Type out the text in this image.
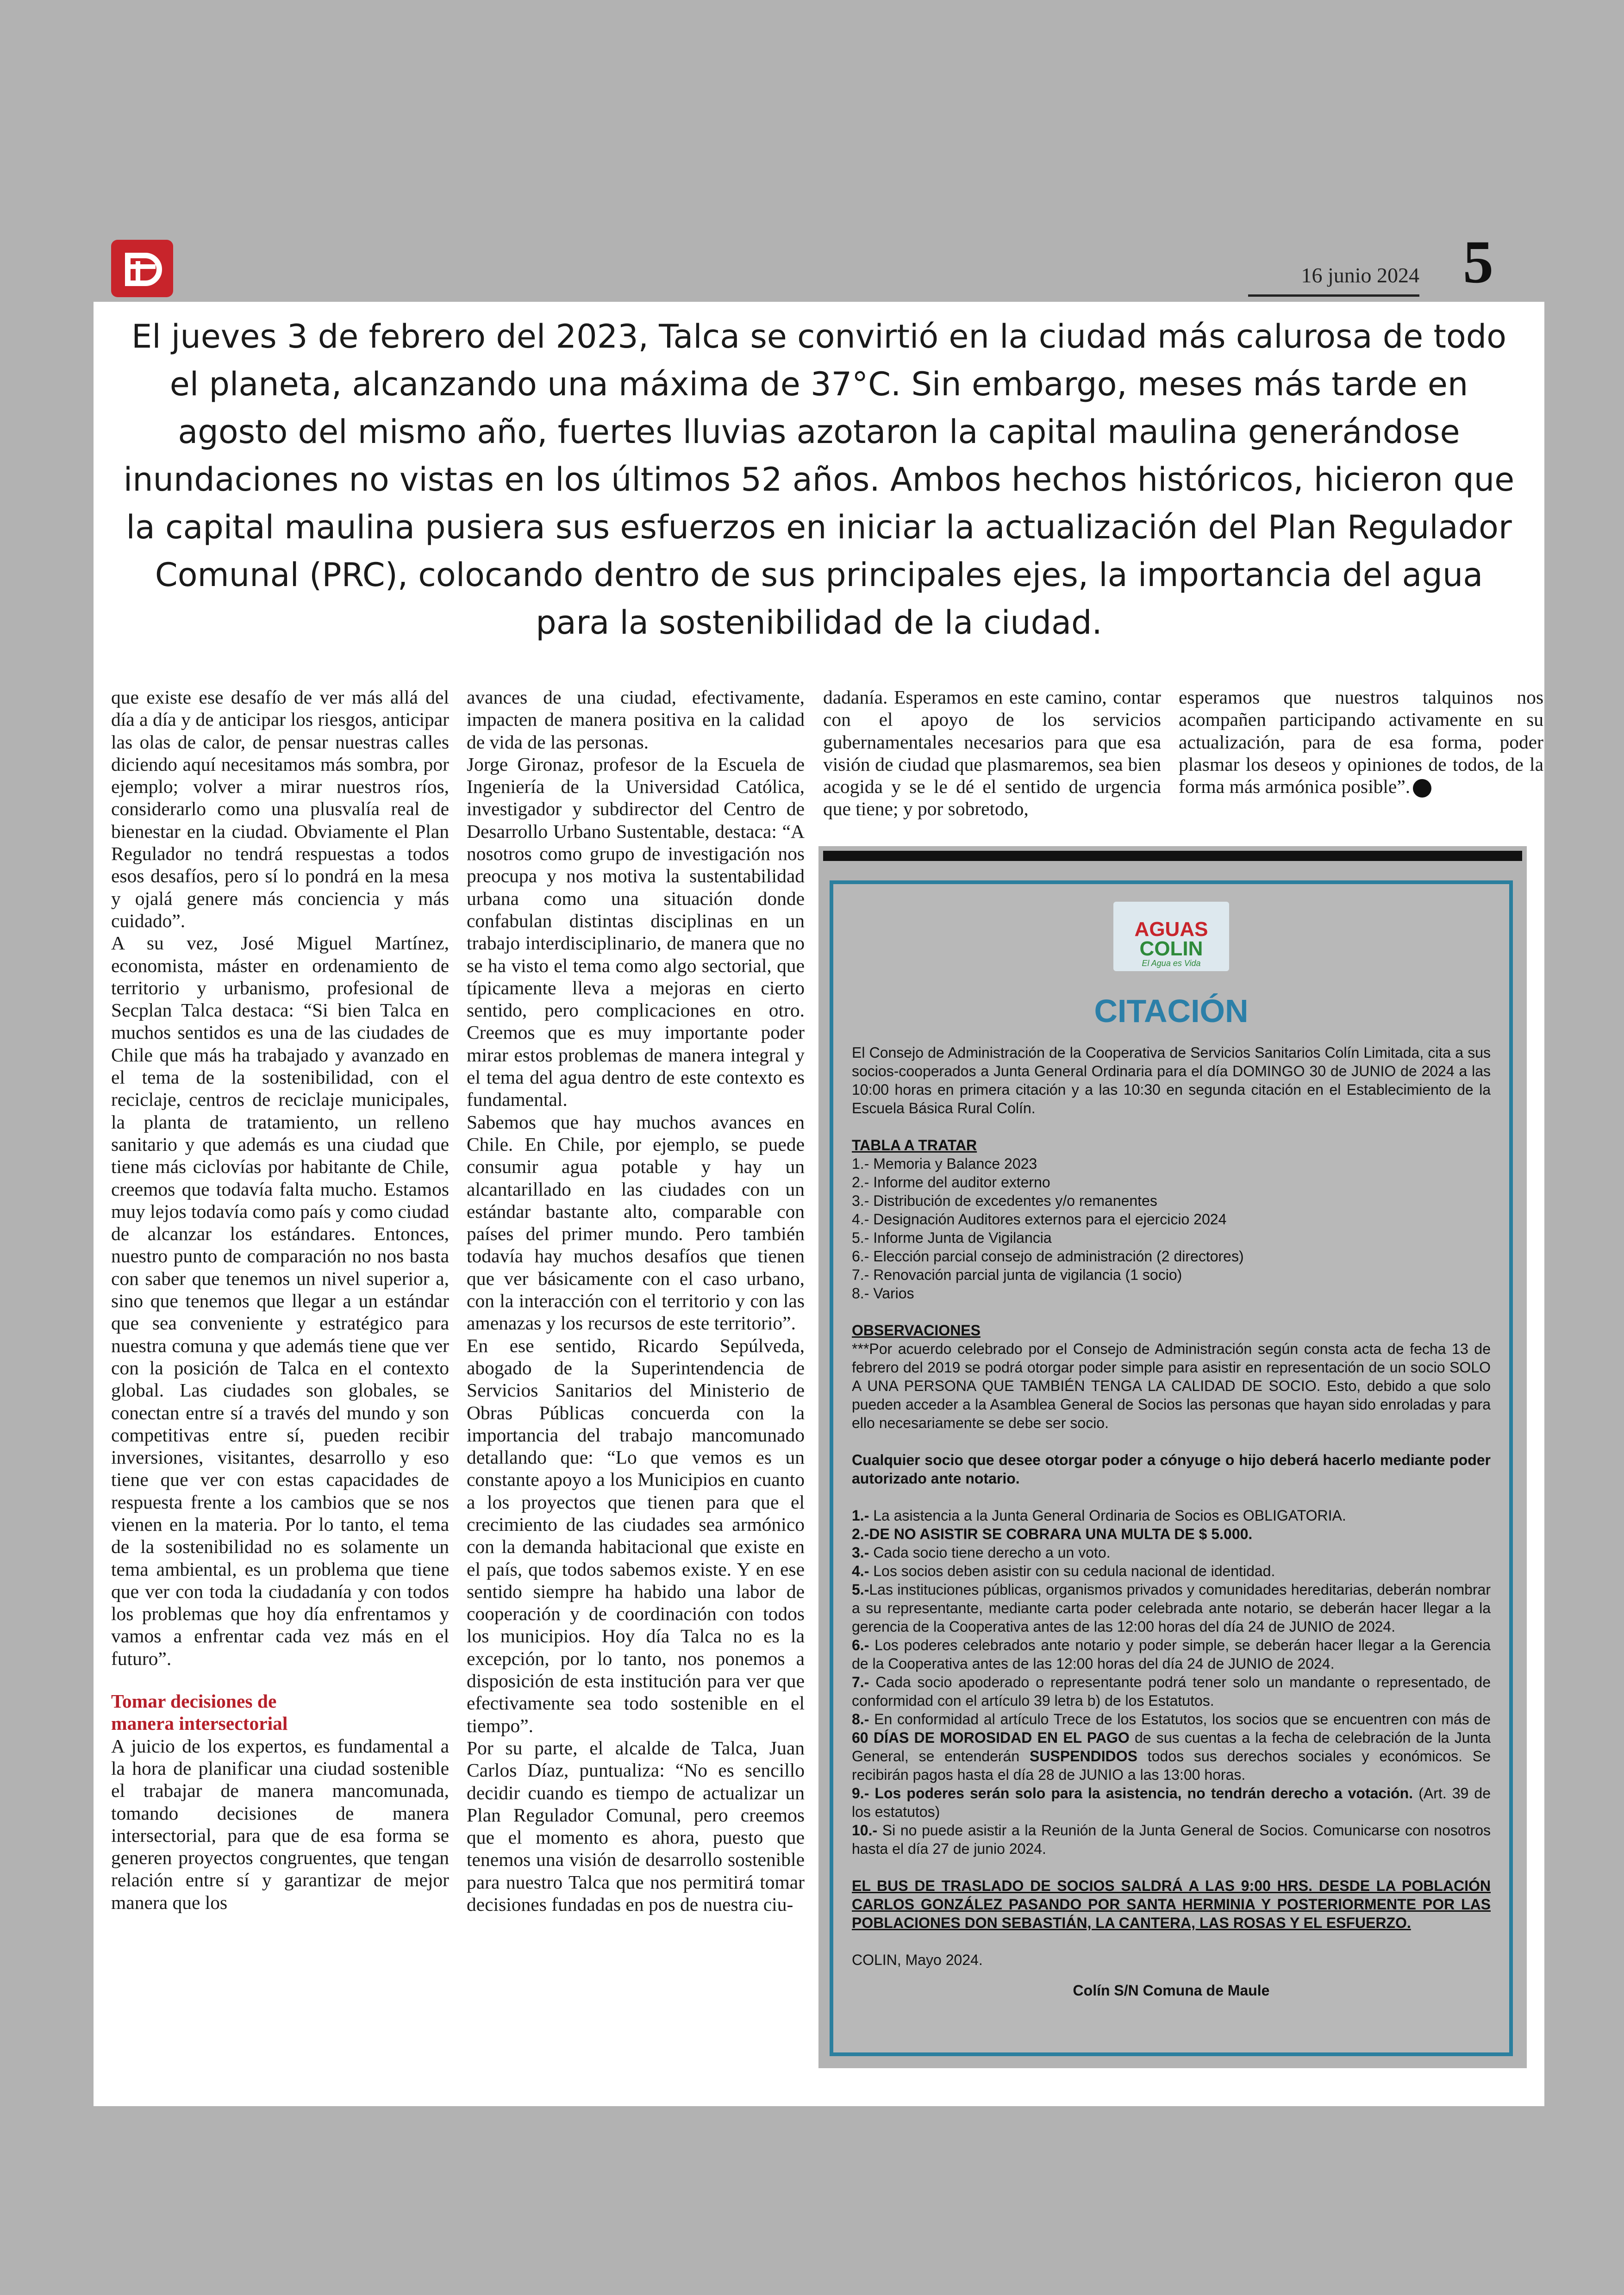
16 junio 2024 5

El jueves 3 de febrero del 2023, Talca se convirtió en la ciudad más calurosa de todo el planeta, alcanzando una máxima de 37°C. Sin embargo, meses más tarde en agosto del mismo año, fuertes lluvias azotaron la capital maulina generándose inundaciones no vistas en los últimos 52 años. Ambos hechos históricos, hicieron que la capital maulina pusiera sus esfuerzos en iniciar la actualización del Plan Regulador Comunal (PRC), colocando dentro de sus principales ejes, la importancia del agua para la sostenibilidad de la ciudad.

que existe ese desafío de ver más allá del día a día y de anticipar los riesgos, anticipar las olas de calor, de pensar nuestras calles diciendo aquí necesitamos más sombra, por ejemplo; volver a mirar nuestros ríos, considerarlo como una plusvalía real de bienestar en la ciudad. Obviamente el Plan Regulador no tendrá respuestas a todos esos desafíos, pero sí lo pondrá en la mesa y ojalá genere más conciencia y más cuidado”.

A su vez, José Miguel Martínez, economista, máster en ordenamiento de territorio y urbanismo, profesional de Secplan Talca destaca: “Si bien Talca en muchos sentidos es una de las ciudades de Chile que más ha trabajado y avanzado en el tema de la sostenibilidad, con el reciclaje, centros de reciclaje municipales, la planta de tratamiento, un relleno sanitario y que además es una ciudad que tiene más ciclovías por habitante de Chile, creemos que todavía falta mucho. Estamos muy lejos todavía como país y como ciudad de alcanzar los estándares. Entonces, nuestro punto de comparación no nos basta con saber que tenemos un nivel superior a, sino que tenemos que llegar a un estándar que sea conveniente y estratégico para nuestra comuna y que además tiene que ver con la posición de Talca en el contexto global. Las ciudades son globales, se conectan entre sí a través del mundo y son competitivas entre sí, pueden recibir inversiones, visitantes, desarrollo y eso tiene que ver con estas capacidades de respuesta frente a los cambios que se nos vienen en la materia. Por lo tanto, el tema de la sostenibilidad no es solamente un tema ambiental, es un problema que tiene que ver con toda la ciudadanía y con todos los problemas que hoy día enfrentamos y vamos a enfrentar cada vez más en el futuro”.

Tomar decisiones de
manera intersectorial

A juicio de los expertos, es fundamental a la hora de planificar una ciudad sostenible el trabajar de manera mancomunada, tomando decisiones de manera intersectorial, para que de esa forma se generen proyectos congruentes, que tengan relación entre sí y garantizar de mejor manera que los

avances de una ciudad, efectivamente, impacten de manera positiva en la calidad de vida de las personas.

Jorge Gironaz, profesor de la Escuela de Ingeniería de la Universidad Católica, investigador y subdirector del Centro de Desarrollo Urbano Sustentable, destaca: “A nosotros como grupo de investigación nos preocupa y nos motiva la sustentabilidad urbana como una situación donde confabulan distintas disciplinas en un trabajo interdisciplinario, de manera que no se ha visto el tema como algo sectorial, que típicamente lleva a mejoras en cierto sentido, pero complicaciones en otro. Creemos que es muy importante poder mirar estos problemas de manera integral y el tema del agua dentro de este contexto es fundamental.

Sabemos que hay muchos avances en Chile. En Chile, por ejemplo, se puede consumir agua potable y hay un alcantarillado en las ciudades con un estándar bastante alto, comparable con países del primer mundo. Pero también todavía hay muchos desafíos que tienen que ver básicamente con el caso urbano, con la interacción con el territorio y con las amenazas y los recursos de este territorio”.

En ese sentido, Ricardo Sepúlveda, abogado de la Superintendencia de Servicios Sanitarios del Ministerio de Obras Públicas concuerda con la importancia del trabajo mancomunado detallando que: “Lo que vemos es un constante apoyo a los Municipios en cuanto a los proyectos que tienen para que el crecimiento de las ciudades sea armónico con la demanda habitacional que existe en el país, que todos sabemos existe. Y en ese sentido siempre ha habido una labor de cooperación y de coordinación con todos los municipios. Hoy día Talca no es la excepción, por lo tanto, nos ponemos a disposición de esta institución para ver que efectivamente sea todo sostenible en el tiempo”.

Por su parte, el alcalde de Talca, Juan Carlos Díaz, puntualiza: “No es sencillo decidir cuando es tiempo de actualizar un Plan Regulador Comunal, pero creemos que el momento es ahora, puesto que tenemos una visión de desarrollo sostenible para nuestro Talca que nos permitirá tomar decisiones fundadas en pos de nuestra ciu-

dadanía. Esperamos en este camino, contar con el apoyo de los servicios gubernamentales necesarios para que esa visión de ciudad que plasmaremos, sea bien acogida y se le dé el sentido de urgencia que tiene; y por sobretodo,

esperamos que nuestros talquinos nos acompañen participando activamente en su actualización, para de esa forma, poder plasmar los deseos y opiniones de todos, de la forma más armónica posible”.

AGUAS
COLIN
El Agua es Vida
CITACIÓN

El Consejo de Administración de la Cooperativa de Servicios Sanitarios Colín Limitada, cita a sus socios-cooperados a Junta General Ordinaria para el día DOMINGO 30 de JUNIO de 2024 a las 10:00 horas en primera citación y a las 10:30 en segunda citación en el Establecimiento de la Escuela Básica Rural Colín.

TABLA A TRATAR

1.- Memoria y Balance 2023
2.- Informe del auditor externo
3.- Distribución de excedentes y/o remanentes
4.- Designación Auditores externos para el ejercicio 2024
5.- Informe Junta de Vigilancia
6.- Elección parcial consejo de administración (2 directores)
7.- Renovación parcial junta de vigilancia (1 socio)
8.- Varios

OBSERVACIONES

***Por acuerdo celebrado por el Consejo de Administración según consta acta de fecha 13 de febrero del 2019 se podrá otorgar poder simple para asistir en representación de un socio SOLO A UNA PERSONA QUE TAMBIÉN TENGA LA CALIDAD DE SOCIO. Esto, debido a que solo pueden acceder a la Asamblea General de Socios las personas que hayan sido enroladas y para ello necesariamente se debe ser socio.

Cualquier socio que desee otorgar poder a cónyuge o hijo deberá hacerlo mediante poder autorizado ante notario.

1.- La asistencia a la Junta General Ordinaria de Socios es OBLIGATORIA.

2.-DE NO ASISTIR SE COBRARA UNA MULTA DE $ 5.000.

3.- Cada socio tiene derecho a un voto.

4.- Los socios deben asistir con su cedula nacional de identidad.

5.-Las instituciones públicas, organismos privados y comunidades hereditarias, deberán nombrar a su representante, mediante carta poder celebrada ante notario, se deberán hacer llegar a la gerencia de la Cooperativa antes de las 12:00 horas del día 24 de JUNIO de 2024.

6.- Los poderes celebrados ante notario y poder simple, se deberán hacer llegar a la Gerencia de la Cooperativa antes de las 12:00 horas del día 24 de JUNIO de 2024.

7.- Cada socio apoderado o representante podrá tener solo un mandante o representado, de conformidad con el artículo 39 letra b) de los Estatutos.

8.- En conformidad al artículo Trece de los Estatutos, los socios que se encuentren con más de 60 DÍAS DE MOROSIDAD EN EL PAGO de sus cuentas a la fecha de celebración de la Junta General, se entenderán SUSPENDIDOS todos sus derechos sociales y económicos. Se recibirán pagos hasta el día 28 de JUNIO a las 13:00 horas.

9.- Los poderes serán solo para la asistencia, no tendrán derecho a votación. (Art. 39 de los estatutos)

10.- Si no puede asistir a la Reunión de la Junta General de Socios. Comunicarse con nosotros hasta el día 27 de junio 2024.

EL BUS DE TRASLADO DE SOCIOS SALDRÁ A LAS 9:00 HRS. DESDE LA POBLACIÓN CARLOS GONZÁLEZ PASANDO POR SANTA HERMINIA Y POSTERIORMENTE POR LAS POBLACIONES DON SEBASTIÁN, LA CANTERA, LAS ROSAS Y EL ESFUERZO.

COLIN, Mayo 2024.

Colín S/N Comuna de Maule
